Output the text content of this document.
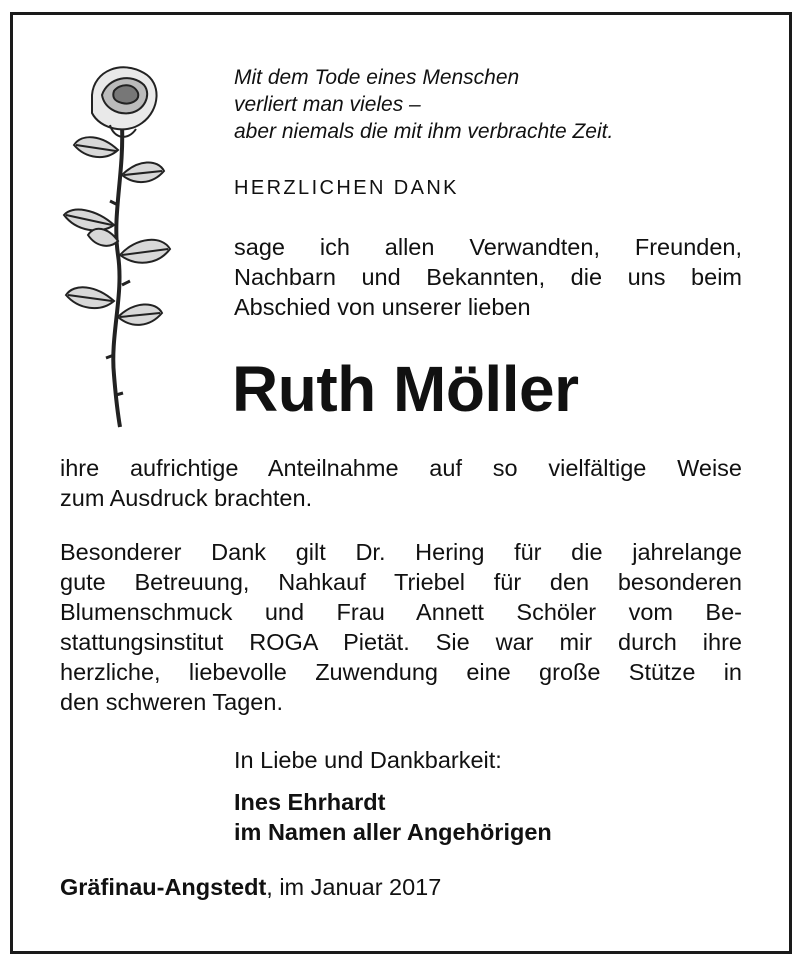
Mit dem Tode eines Menschen
verliert man vieles –
aber niemals die mit ihm verbrachte Zeit.
HERZLICHEN DANK
sage ich allen Verwandten, Freunden,
Nachbarn und Bekannten, die uns beim
Abschied von unserer lieben
Ruth Möller
ihre aufrichtige Anteilnahme auf so vielfältige Weise
zum Ausdruck brachten.
Besonderer Dank gilt Dr. Hering für die jahrelange
gute Betreuung, Nahkauf Triebel für den besonderen
Blumenschmuck und Frau Annett Schöler vom Be-
stattungsinstitut ROGA Pietät. Sie war mir durch ihre
herzliche, liebevolle Zuwendung eine große Stütze in
den schweren Tagen.
In Liebe und Dankbarkeit:
Ines Ehrhardt
im Namen aller Angehörigen
Gräfinau-Angstedt, im Januar 2017
